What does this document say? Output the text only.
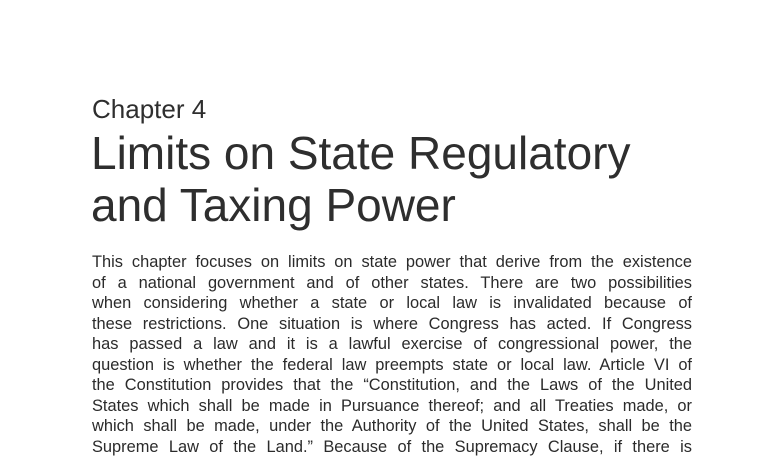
Chapter 4
Limits on State Regulatory
and Taxing Power
This chapter focuses on limits on state power that derive from the existence
of a national government and of other states. There are two possibilities
when considering whether a state or local law is invalidated because of
these restrictions. One situation is where Congress has acted. If Congress
has passed a law and it is a lawful exercise of congressional power, the
question is whether the federal law preempts state or local law. Article VI of
the Constitution provides that the “Constitution, and the Laws of the United
States which shall be made in Pursuance thereof; and all Treaties made, or
which shall be made, under the Authority of the United States, shall be the
Supreme Law of the Land.” Because of the Supremacy Clause, if there is
